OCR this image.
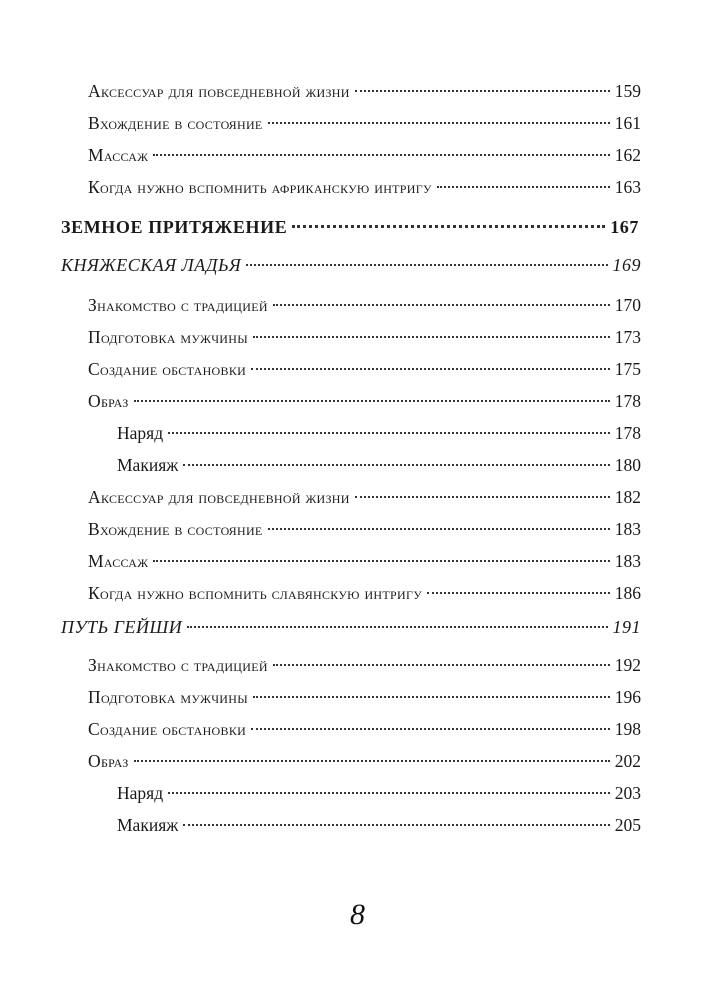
Аксессуар для повседневной жизни	159
Вхождение в состояние	161
Массаж	162
Когда нужно вспомнить африканскую интригу	163
ЗЕМНОЕ ПРИТЯЖЕНИЕ	167
КНЯЖЕСКАЯ ЛАДЬЯ	169
Знакомство с традицией	170
Подготовка мужчины	173
Создание обстановки	175
Образ	178
Наряд	178
Макияж	180
Аксессуар для повседневной жизни	182
Вхождение в состояние	183
Массаж	183
Когда нужно вспомнить славянскую интригу	186
ПУТЬ ГЕЙШИ	191
Знакомство с традицией	192
Подготовка мужчины	196
Создание обстановки	198
Образ	202
Наряд	203
Макияж	205
8
